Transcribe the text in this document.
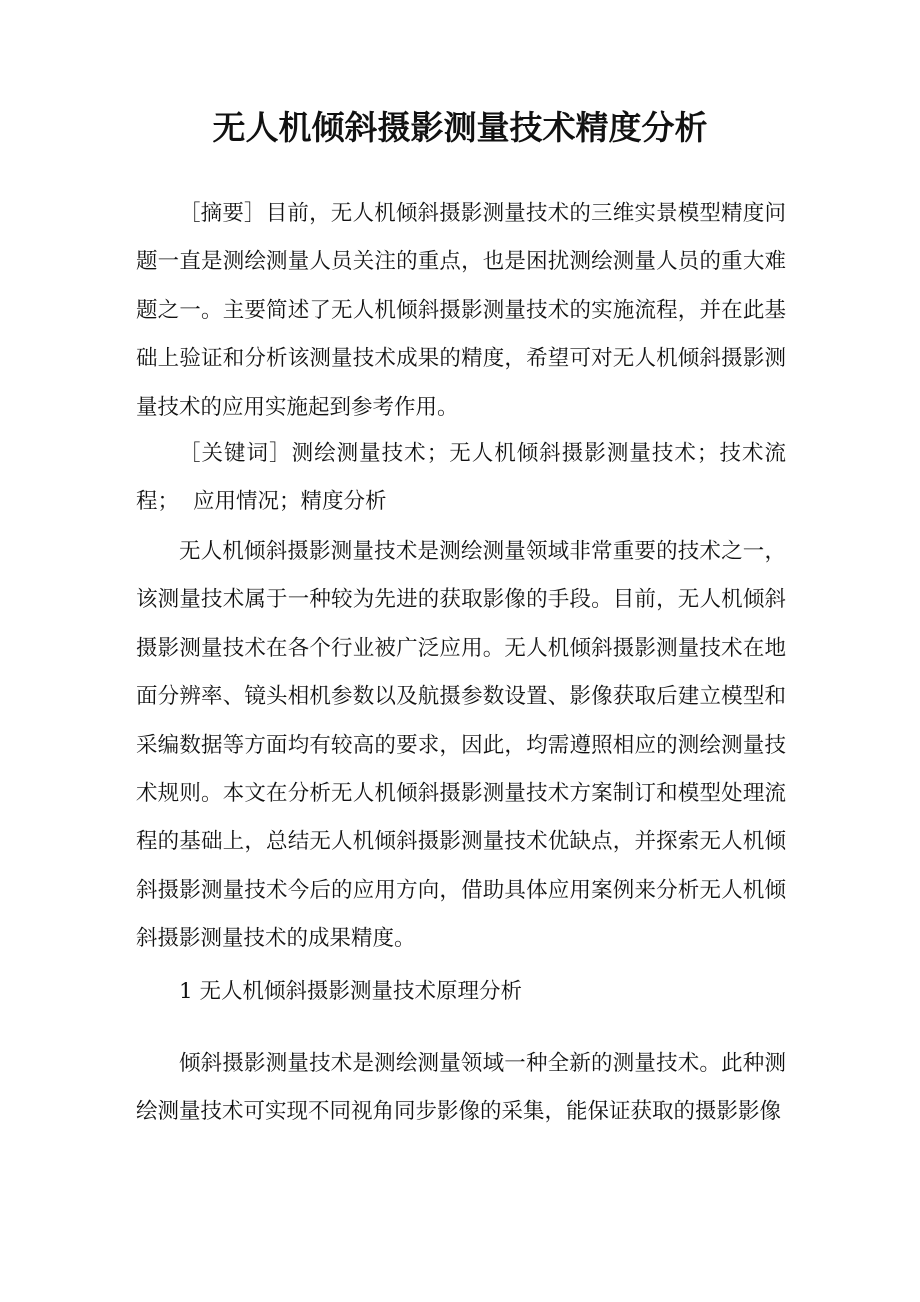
无人机倾斜摄影测量技术精度分析
［摘要］目前，无人机倾斜摄影测量技术的三维实景模型精度问题一直是测绘测量人员关注的重点，也是困扰测绘测量人员的重大难题之一。主要简述了无人机倾斜摄影测量技术的实施流程，并在此基础上验证和分析该测量技术成果的精度，希望可对无人机倾斜摄影测量技术的应用实施起到参考作用。
［关键词］测绘测量技术；无人机倾斜摄影测量技术；技术流程； 应用情况；精度分析
无人机倾斜摄影测量技术是测绘测量领域非常重要的技术之一，该测量技术属于一种较为先进的获取影像的手段。目前，无人机倾斜摄影测量技术在各个行业被广泛应用。无人机倾斜摄影测量技术在地面分辨率、镜头相机参数以及航摄参数设置、影像获取后建立模型和采编数据等方面均有较高的要求，因此，均需遵照相应的测绘测量技术规则。本文在分析无人机倾斜摄影测量技术方案制订和模型处理流程的基础上，总结无人机倾斜摄影测量技术优缺点，并探索无人机倾斜摄影测量技术今后的应用方向，借助具体应用案例来分析无人机倾斜摄影测量技术的成果精度。
1 无人机倾斜摄影测量技术原理分析
倾斜摄影测量技术是测绘测量领域一种全新的测量技术。此种测绘测量技术可实现不同视角同步影像的采集，能保证获取的摄影影像
